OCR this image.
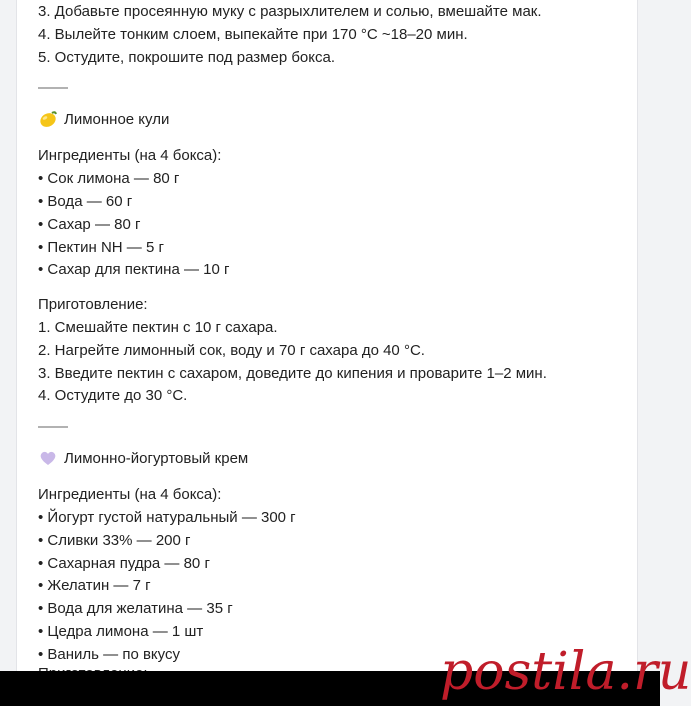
3. Добавьте просеянную муку с разрыхлителем и солью, вмешайте мак.
4. Вылейте тонким слоем, выпекайте при 170 °C ~18–20 мин.
5. Остудите, покрошите под размер бокса.
——
Лимонное кули
Ингредиенты (на 4 бокса):
• Сок лимона — 80 г
• Вода — 60 г
• Сахар — 80 г
• Пектин NH — 5 г
• Сахар для пектина — 10 г
Приготовление:
1. Смешайте пектин с 10 г сахара.
2. Нагрейте лимонный сок, воду и 70 г сахара до 40 °C.
3. Введите пектин с сахаром, доведите до кипения и проварите 1–2 мин.
4. Остудите до 30 °C.
——
Лимонно-йогуртовый крем
Ингредиенты (на 4 бокса):
• Йогурт густой натуральный — 300 г
• Сливки 33% — 200 г
• Сахарная пудра — 80 г
• Желатин — 7 г
• Вода для желатина — 35 г
• Цедра лимона — 1 шт
• Ваниль — по вкусу	postila.ru
